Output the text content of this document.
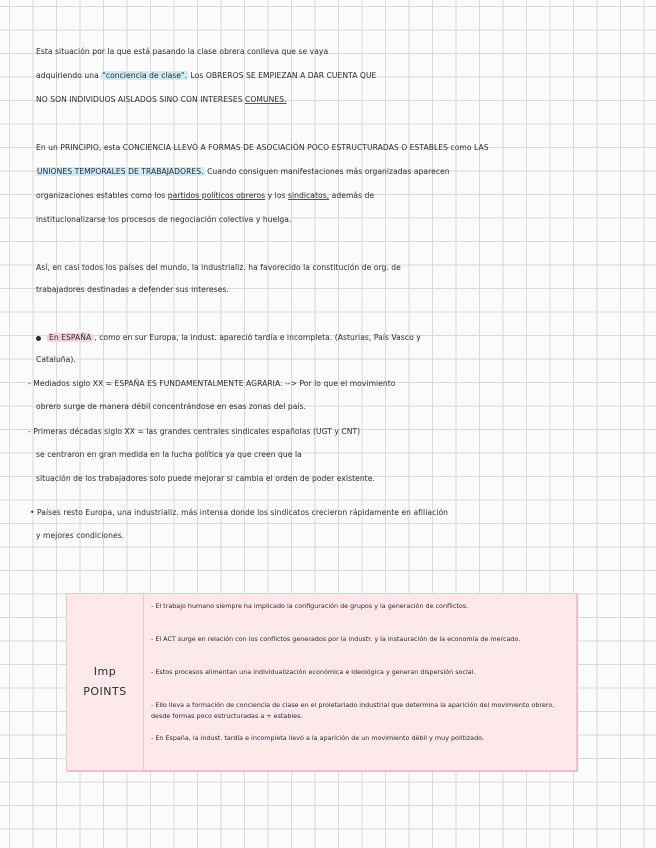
Esta situación por la que está pasando la clase obrera conlleva que se vaya
adquiriendo una "conciencia de clase". Los OBREROS SE EMPIEZAN A DAR CUENTA QUE
NO SON INDIVIDUOS AISLADOS SINO CON INTERESES COMUNES.
En un PRINCIPIO, esta CONCIENCIA LLEVÓ A FORMAS DE ASOCIACIÓN POCO ESTRUCTURADAS O ESTABLES como LAS
UNIONES TEMPORALES DE TRABAJADORES. Cuando consiguen manifestaciones más organizadas aparecen
organizaciones estables como los partidos políticos obreros y los sindicatos, además de
institucionalizarse los procesos de negociación colectiva y huelga.
Así, en casi todos los países del mundo, la industrializ. ha favorecido la constitución de org. de
trabajadores destinadas a defender sus intereses.
En ESPAÑA , como en sur Europa, la indust. apareció tardía e incompleta. (Asturias, País Vasco y
Cataluña).
- Mediados siglo XX = ESPAÑA ES FUNDAMENTALMENTE AGRARIA. --> Por lo que el movimiento
obrero surge de manera débil concentrándose en esas zonas del país.
- Primeras décadas siglo XX = las grandes centrales sindicales españolas (UGT y CNT)
se centraron en gran medida en la lucha política ya que creen que la
situación de los trabajadores solo puede mejorar si cambia el orden de poder existente.
• Países resto Europa, una industrializ. más intensa donde los sindicatos crecieron rápidamente en afiliación
y mejores condiciones.
Imp
POINTS
- El trabajo humano siempre ha implicado la configuración de grupos y la generación de conflictos.
- El ACT surge en relación con los conflictos generados por la industr. y la instauración de la economía de mercado.
- Estos procesos alimentan una individualización económica e ideológica y generan dispersión social.
- Ello lleva a formación de conciencia de clase en el proletariado industrial que determina la aparición del movimiento obrero, desde formas poco estructuradas a + estables.
- En España, la indust. tardía e incompleta llevó a la aparición de un movimiento débil y muy politizado.
